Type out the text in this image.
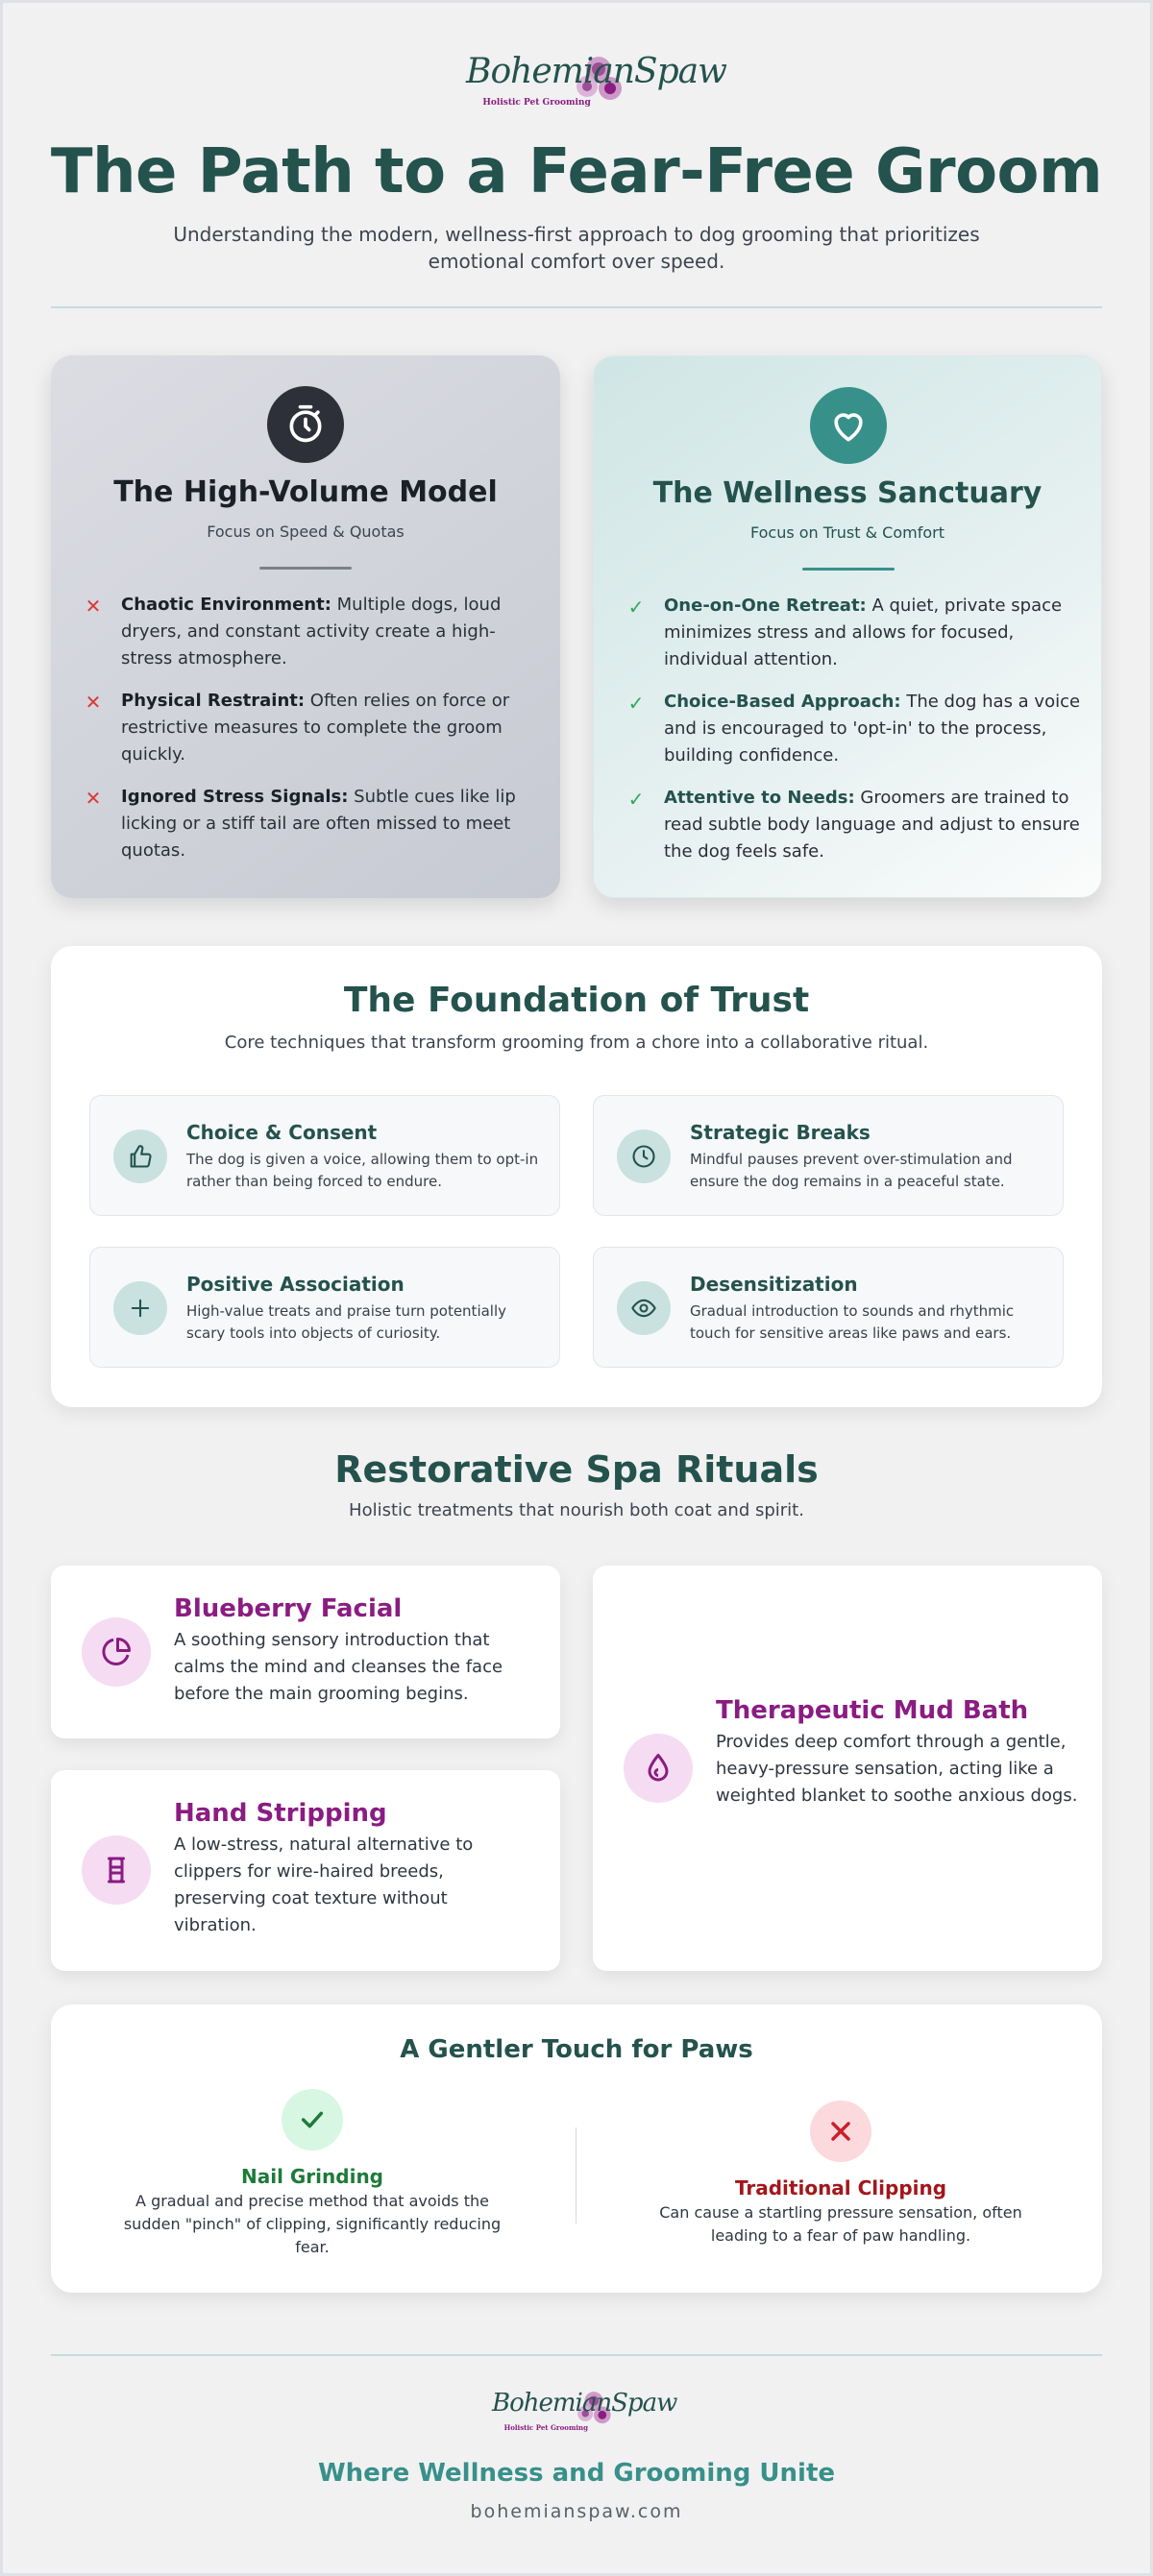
BohemianSpaw
Holistic Pet Grooming
The Path to a Fear-Free Groom

Understanding the modern, wellness-first approach to dog grooming that prioritizes emotional comfort over speed.

The High-Volume Model
Focus on Speed & Quotas
✕ Chaotic Environment: Multiple dogs, loud dryers, and constant activity create a high-stress atmosphere.
✕ Physical Restraint: Often relies on force or restrictive measures to complete the groom quickly.
✕ Ignored Stress Signals: Subtle cues like lip licking or a stiff tail are often missed to meet quotas.
The Wellness Sanctuary
Focus on Trust & Comfort
✓ One-on-One Retreat: A quiet, private space minimizes stress and allows for focused, individual attention.
✓ Choice-Based Approach: The dog has a voice and is encouraged to 'opt-in' to the process, building confidence.
✓ Attentive to Needs: Groomers are trained to read subtle body language and adjust to ensure the dog feels safe.
The Foundation of Trust

Core techniques that transform grooming from a chore into a collaborative ritual.

Choice & Consent
The dog is given a voice, allowing them to opt-in rather than being forced to endure.
Strategic Breaks
Mindful pauses prevent over-stimulation and ensure the dog remains in a peaceful state.
Positive Association
High-value treats and praise turn potentially scary tools into objects of curiosity.
Desensitization
Gradual introduction to sounds and rhythmic touch for sensitive areas like paws and ears.
Restorative Spa Rituals

Holistic treatments that nourish both coat and spirit.

Blueberry Facial
A soothing sensory introduction that calms the mind and cleanses the face before the main grooming begins.
Therapeutic Mud Bath
Provides deep comfort through a gentle, heavy-pressure sensation, acting like a weighted blanket to soothe anxious dogs.
Hand Stripping
A low-stress, natural alternative to clippers for wire-haired breeds, preserving coat texture without vibration.
A Gentler Touch for Paws
Nail Grinding
A gradual and precise method that avoids the sudden "pinch" of clipping, significantly reducing fear.
Traditional Clipping
Can cause a startling pressure sensation, often leading to a fear of paw handling.
BohemianSpaw
Holistic Pet Grooming
Where Wellness and Grooming Unite
bohemianspaw.com
